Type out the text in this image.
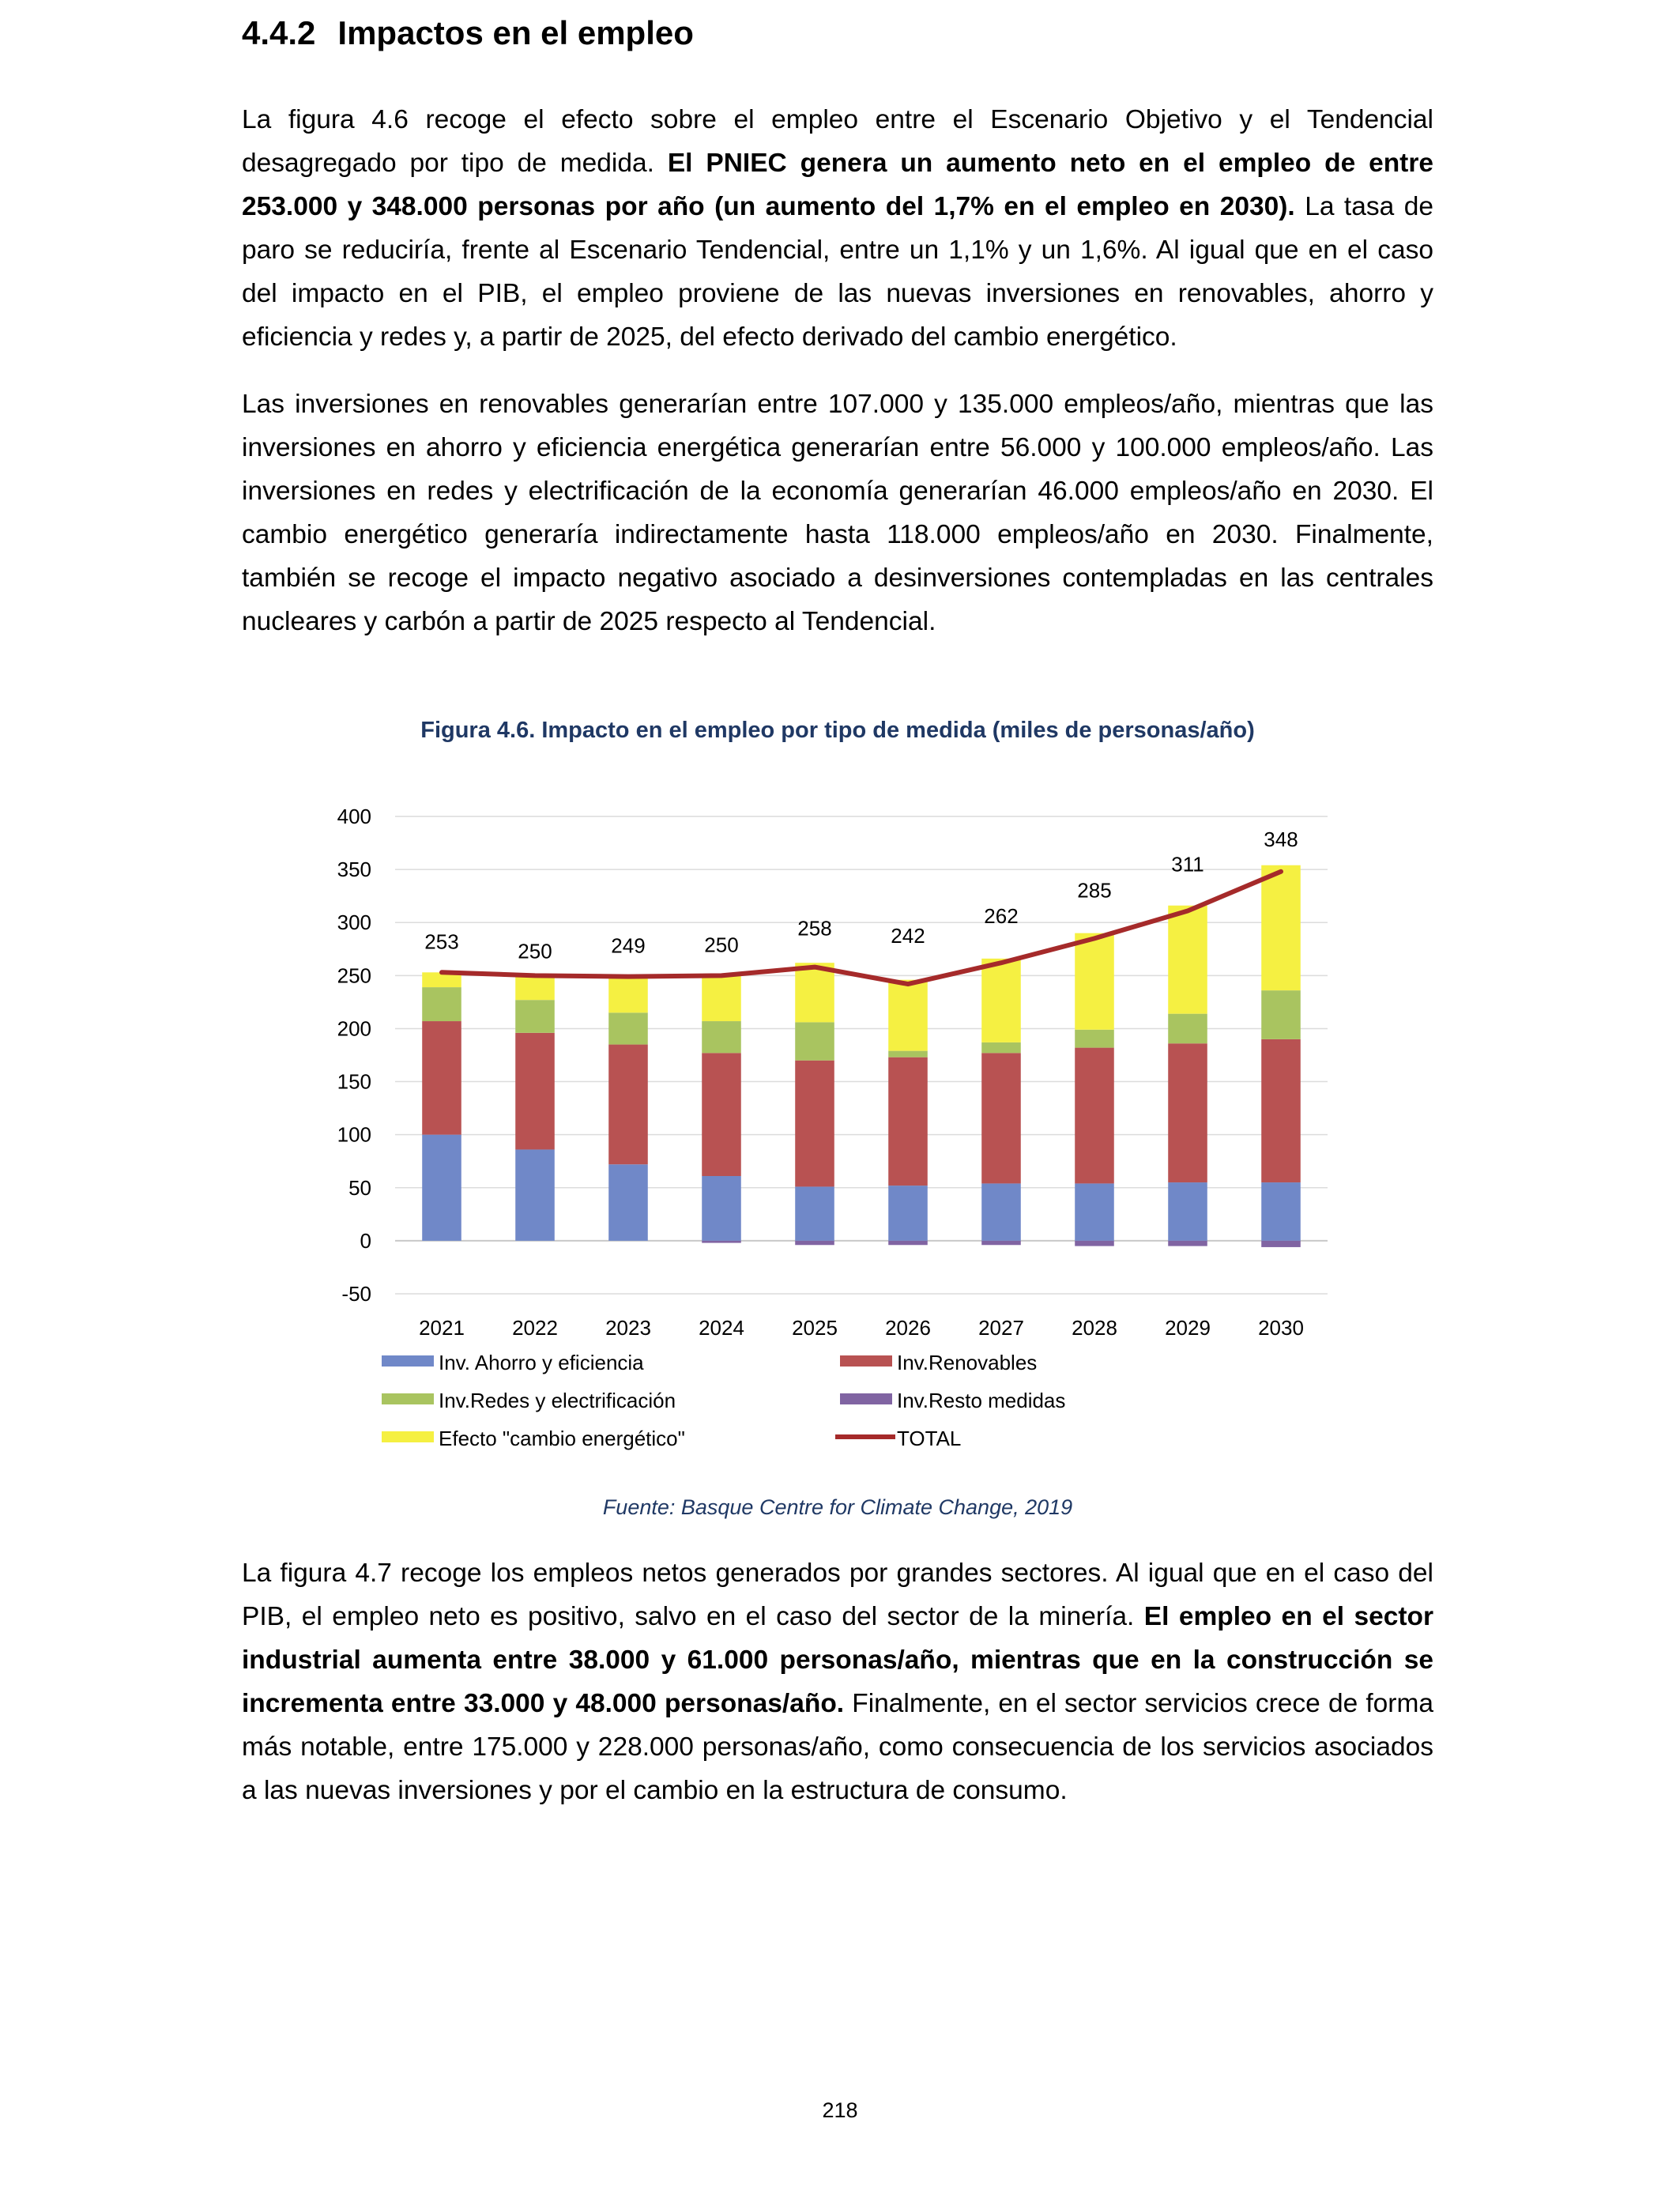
4.4.2 Impactos en el empleo

La figura 4.6 recoge el efecto sobre el empleo entre el Escenario Objetivo y el Tendencial desagregado por tipo de medida. El PNIEC genera un aumento neto en el empleo de entre 253.000 y 348.000 personas por año (un aumento del 1,7% en el empleo en 2030). La tasa de paro se reduciría, frente al Escenario Tendencial, entre un 1,1% y un 1,6%. Al igual que en el caso del impacto en el PIB, el empleo proviene de las nuevas inversiones en renovables, ahorro y eficiencia y redes y, a partir de 2025, del efecto derivado del cambio energético.

Las inversiones en renovables generarían entre 107.000 y 135.000 empleos/año, mientras que las inversiones en ahorro y eficiencia energética generarían entre 56.000 y 100.000 empleos/año. Las inversiones en redes y electrificación de la economía generarían 46.000 empleos/año en 2030. El cambio energético generaría indirectamente hasta 118.000 empleos/año en 2030. Finalmente, también se recoge el impacto negativo asociado a desinversiones contempladas en las centrales nucleares y carbón a partir de 2025 respecto al Tendencial.

Figura 4.6. Impacto en el empleo por tipo de medida (miles de personas/año)
253	250	249	250
258	242
262
285
311
348
-50
0
50
100
150
200
250
300
350
400
2021 2022 2023 2024 2025 2026 2027 2028 2029 2030
Inv. Ahorro y eficiencia	Inv.Renovables
Inv.Redes y electrificación	Inv.Resto medidas
Efecto "cambio energético"	TOTAL
Fuente: Basque Centre for Climate Change, 2019

La figura 4.7 recoge los empleos netos generados por grandes sectores. Al igual que en el caso del PIB, el empleo neto es positivo, salvo en el caso del sector de la minería. El empleo en el sector industrial aumenta entre 38.000 y 61.000 personas/año, mientras que en la construcción se incrementa entre 33.000 y 48.000 personas/año. Finalmente, en el sector servicios crece de forma más notable, entre 175.000 y 228.000 personas/año, como consecuencia de los servicios asociados a las nuevas inversiones y por el cambio en la estructura de consumo.

218
